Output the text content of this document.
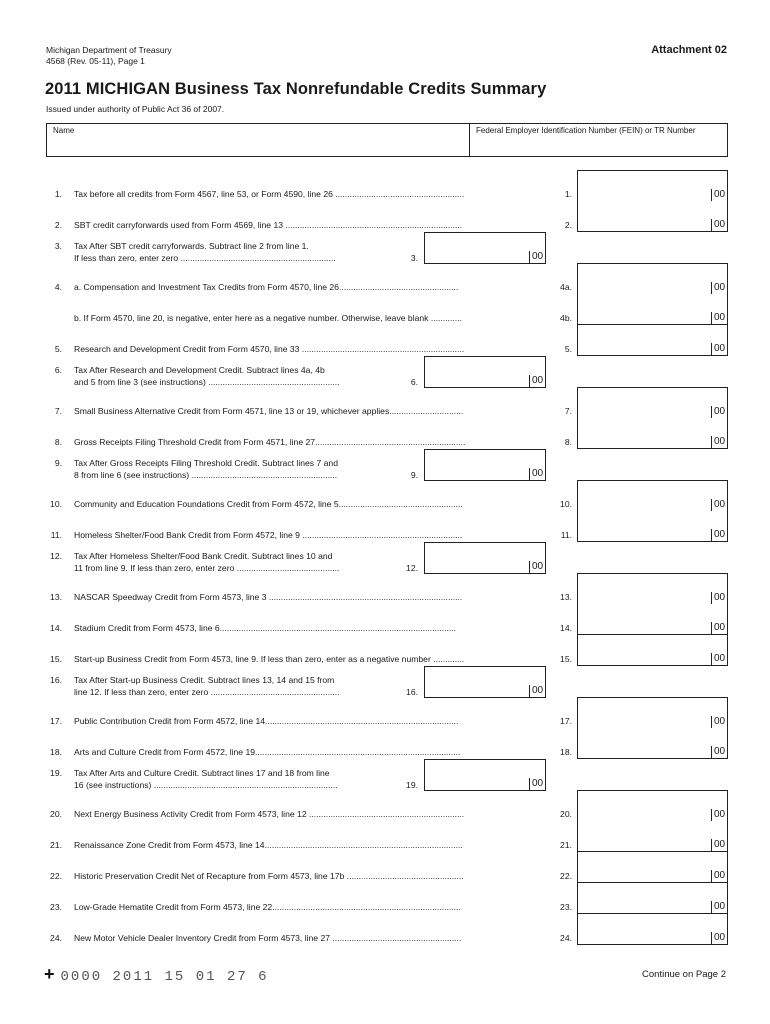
Michigan Department of Treasury
4568 (Rev. 05-11), Page 1
Attachment 02
2011 MICHIGAN Business Tax Nonrefundable Credits Summary
Issued under authority of Public Act 36 of 2007.
Name	Federal Employer Identification Number (FEIN) or TR Number
1. Tax before all credits from Form 4567, line 53, or Form 4590, line 26 ......................................................	1.	00
2. SBT credit carryforwards used from Form 4569, line 13 ..........................................................................	2.	00
3. Tax After SBT credit carryforwards. Subtract line 2 from line 1.
If less than zero, enter zero .................................................................	3.	00
4. a. Compensation and Investment Tax Credits from Form 4570, line 26..................................................	4a.	00
b. If Form 4570, line 20, is negative, enter here as a negative number. Otherwise, leave blank .............	4b.	00
5. Research and Development Credit from Form 4570, line 33 ....................................................................	5.	00
6. Tax After Research and Development Credit. Subtract lines 4a, 4b
and 5 from line 3 (see instructions) .......................................................	6.	00
7. Small Business Alternative Credit from Form 4571, line 13 or 19, whichever applies...............................	7.	00
8. Gross Receipts Filing Threshold Credit from Form 4571, line 27...............................................................	8.	00
9. Tax After Gross Receipts Filing Threshold Credit. Subtract lines 7 and
8 from line 6 (see instructions) .............................................................	9.	00
10. Community and Education Foundations Credit from Form 4572, line 5....................................................	10.	00
11. Homeless Shelter/Food Bank Credit from Form 4572, line 9 ...................................................................	11.	00
12. Tax After Homeless Shelter/Food Bank Credit. Subtract lines 10 and
11 from line 9. If less than zero, enter zero ...........................................	12.	00
13. NASCAR Speedway Credit from Form 4573, line 3 .................................................................................	13.	00
14. Stadium Credit from Form 4573, line 6...................................................................................................	14.	00
15. Start-up Business Credit from Form 4573, line 9. If less than zero, enter as a negative number .............	15.	00
16. Tax After Start-up Business Credit. Subtract lines 13, 14 and 15 from
line 12. If less than zero, enter zero ......................................................	16.	00
17. Public Contribution Credit from Form 4572, line 14.................................................................................	17.	00
18. Arts and Culture Credit from Form 4572, line 19......................................................................................	18.	00
19. Tax After Arts and Culture Credit. Subtract lines 17 and 18 from line
16 (see instructions) .............................................................................	19.	00
20. Next Energy Business Activity Credit from Form 4573, line 12 .................................................................	20.	00
21. Renaissance Zone Credit from Form 4573, line 14...................................................................................	21.	00
22. Historic Preservation Credit Net of Recapture from Form 4573, line 17b .................................................	22.	00
23. Low-Grade Hematite Credit from Form 4573, line 22...............................................................................	23.	00
24. New Motor Vehicle Dealer Inventory Credit from Form 4573, line 27 ......................................................	24.	00
+ 0000 2011 15 01 27 6	Continue on Page 2
